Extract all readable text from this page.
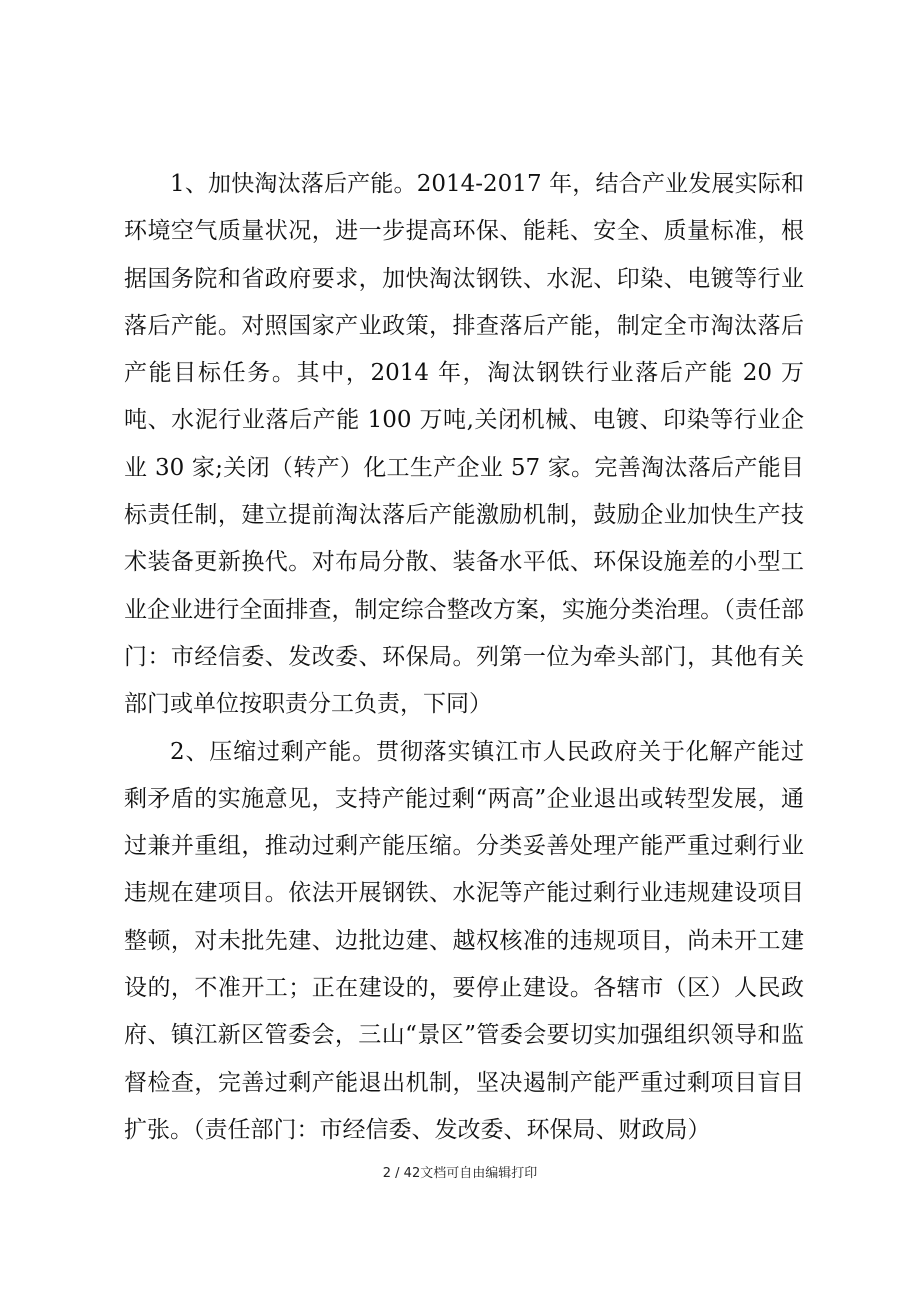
1、加快淘汰落后产能。2014-2017 年，结合产业发展实际和环境空气质量状况，进一步提高环保、能耗、安全、质量标准，根据国务院和省政府要求，加快淘汰钢铁、水泥、印染、电镀等行业落后产能。对照国家产业政策，排查落后产能，制定全市淘汰落后产能目标任务。其中，2014 年，淘汰钢铁行业落后产能 20 万吨、水泥行业落后产能 100 万吨,关闭机械、电镀、印染等行业企业 30 家;关闭（转产）化工生产企业 57 家。完善淘汰落后产能目标责任制，建立提前淘汰落后产能激励机制，鼓励企业加快生产技术装备更新换代。对布局分散、装备水平低、环保设施差的小型工业企业进行全面排查，制定综合整改方案，实施分类治理。（责任部门：市经信委、发改委、环保局。列第一位为牵头部门，其他有关部门或单位按职责分工负责，下同）

2、压缩过剩产能。贯彻落实镇江市人民政府关于化解产能过剩矛盾的实施意见，支持产能过剩“两高”企业退出或转型发展，通过兼并重组，推动过剩产能压缩。分类妥善处理产能严重过剩行业违规在建项目。依法开展钢铁、水泥等产能过剩行业违规建设项目整顿，对未批先建、边批边建、越权核准的违规项目，尚未开工建设的，不准开工；正在建设的，要停止建设。各辖市（区）人民政府、镇江新区管委会，三山“景区”管委会要切实加强组织领导和监督检查，完善过剩产能退出机制，坚决遏制产能严重过剩项目盲目扩张。（责任部门：市经信委、发改委、环保局、财政局）

2 / 42文档可自由编辑打印
